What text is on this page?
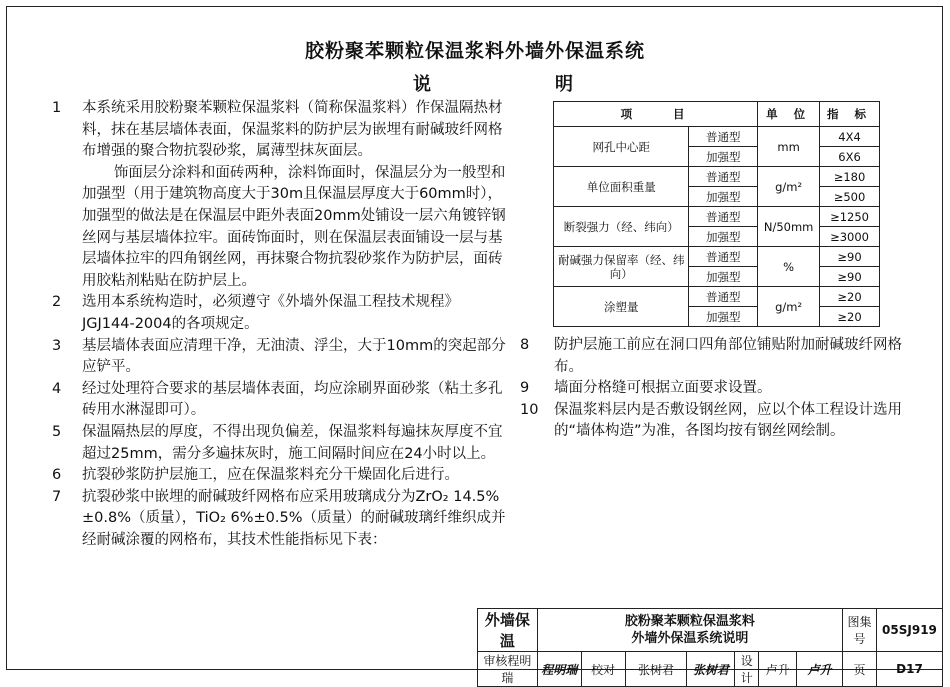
胶粉聚苯颗粒保温浆料外墙外保温系统
说	明
1	本系统采用胶粉聚苯颗粒保温浆料（简称保温浆料）作保温隔热材料，抹在基层墙体表面，保温浆料的防护层为嵌埋有耐碱玻纤网格布增强的聚合物抗裂砂浆，属薄型抹灰面层。

饰面层分涂料和面砖两种，涂料饰面时，保温层分为一般型和加强型（用于建筑物高度大于30m且保温层厚度大于60mm时），加强型的做法是在保温层中距外表面20mm处铺设一层六角镀锌钢丝网与基层墙体拉牢。面砖饰面时，则在保温层表面铺设一层与基层墙体拉牢的四角钢丝网，再抹聚合物抗裂砂浆作为防护层，面砖用胶粘剂粘贴在防护层上。

2	选用本系统构造时，必须遵守《外墙外保温工程技术规程》JGJ144-2004的各项规定。

3	基层墙体表面应清理干净，无油渍、浮尘，大于10mm的突起部分应铲平。

4	经过处理符合要求的基层墙体表面，均应涂刷界面砂浆（粘土多孔砖用水淋湿即可）。

5	保温隔热层的厚度，不得出现负偏差，保温浆料每遍抹灰厚度不宜超过25mm，需分多遍抹灰时，施工间隔时间应在24小时以上。

6	抗裂砂浆防护层施工，应在保温浆料充分干燥固化后进行。

7	抗裂砂浆中嵌埋的耐碱玻纤网格布应采用玻璃成分为ZrO₂ 14.5%±0.8%（质量），TiO₂ 6%±0.5%（质量）的耐碱玻璃纤维织成并经耐碱涂覆的网格布，其技术性能指标见下表：

项　　目		单 位	指 标
网孔中心距	普通型	mm	4X4
	加强型		6X6
单位面积重量	普通型	g/m²	≥180
	加强型		≥500
断裂强力（经、纬向）	普通型	N/50mm	≥1250
	加强型		≥3000
耐碱强力保留率（经、纬向）	普通型	%	≥90
	加强型		≥90
涂塑量	普通型	g/m²	≥20
	加强型		≥20
8	防护层施工前应在洞口四角部位铺贴附加耐碱玻纤网格布。
9	墙面分格缝可根据立面要求设置。
10 保温浆料层内是否敷设钢丝网，应以个体工程设计选用的“墙体构造”为准，各图均按有钢丝网绘制。
外墙保温	胶粉聚苯颗粒保温浆料
外墙外保温系统说明							图集号	05SJ919
审核程明瑞	程明瑞	校对	张树君	张树君	设计	卢升	卢升	页	D17
